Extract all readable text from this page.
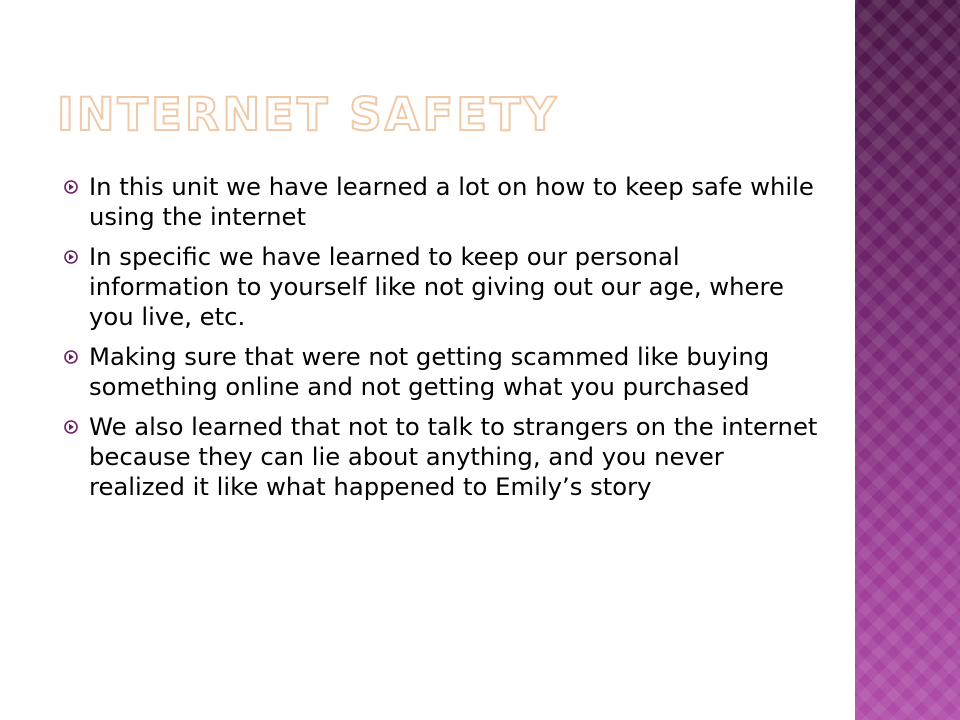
INTERNET SAFETY
In this unit we have learned a lot on how to keep safe while using the internet
In specific we have learned to keep our personal information to yourself like not giving out our age, where you live, etc.
Making sure that were not getting scammed like buying something online and not getting what you purchased
We also learned that not to talk to strangers on the internet because they can lie about anything, and you never realized it like what happened to Emily’s story
